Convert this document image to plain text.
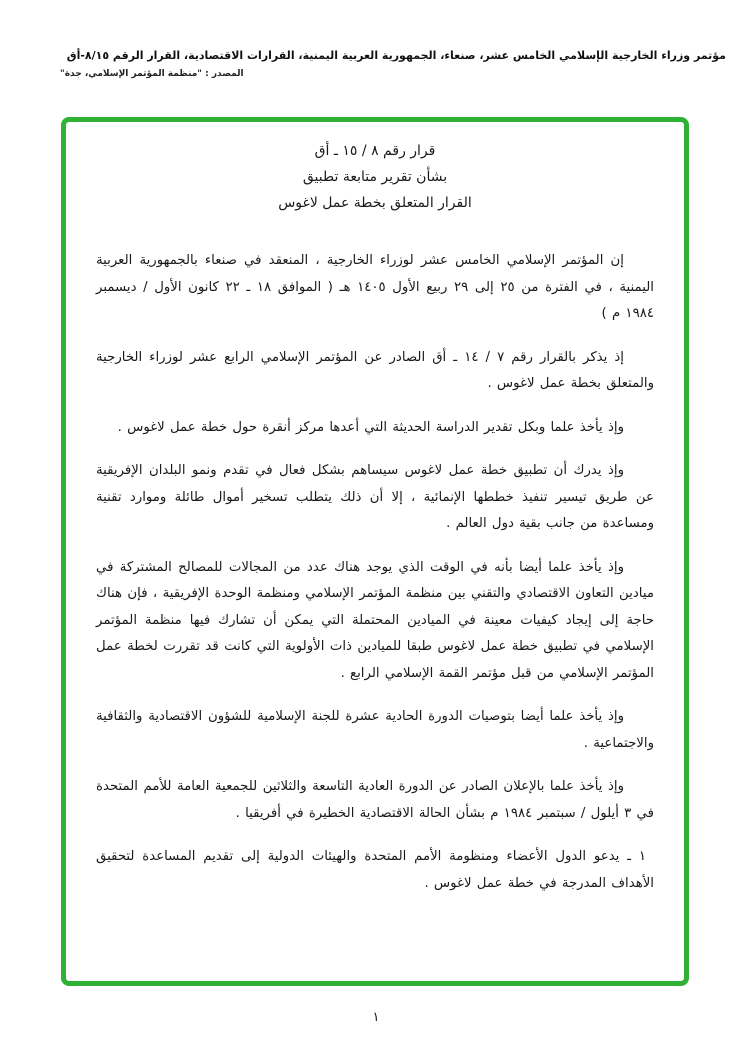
مؤتمر وزراء الخارجية الإسلامي الخامس عشر، صنعاء، الجمهورية العربية اليمنية، القرارات الاقتصادية، القرار الرقم ٨/١٥-أق
المصدر : "منظمة المؤتمر الإسلامي، جدة"
قرار رقم ٨ / ١٥ ـ أق
بشأن تقرير متابعة تطبيق
القرار المتعلق بخطة عمل لاغوس

إن المؤتمر الإسلامي الخامس عشر لوزراء الخارجية ، المنعقد في صنعاء بالجمهورية العربية اليمنية ، في الفترة من ٢٥ إلى ٢٩ ربيع الأول ١٤٠٥ هـ ( الموافق ١٨ ـ ٢٢ كانون الأول / ديسمبر ١٩٨٤ م )

إذ يذكر بالقرار رقم ٧ / ١٤ ـ أق الصادر عن المؤتمر الإسلامي الرابع عشر لوزراء الخارجية والمتعلق بخطة عمل لاغوس .

وإذ يأخذ علما وبكل تقدير الدراسة الحديثة التي أعدها مركز أنقرة حول خطة عمل لاغوس .

وإذ يدرك أن تطبيق خطة عمل لاغوس سيساهم بشكل فعال في تقدم ونمو البلدان الإفريقية عن طريق تيسير تنفيذ خططها الإنمائية ، إلا أن ذلك يتطلب تسخير أموال طائلة وموارد تقنية ومساعدة من جانب بقية دول العالم .

وإذ يأخذ علما أيضا بأنه في الوقت الذي يوجد هناك عدد من المجالات للمصالح المشتركة في ميادين التعاون الاقتصادي والتقني بين منظمة المؤتمر الإسلامي ومنظمة الوحدة الإفريقية ، فإن هناك حاجة إلى إيجاد كيفيات معينة في الميادين المحتملة التي يمكن أن تشارك فيها منظمة المؤتمر الإسلامي في تطبيق خطة عمل لاغوس طبقا للميادين ذات الأولوية التي كانت قد تقررت لخطة عمل المؤتمر الإسلامي من قبل مؤتمر القمة الإسلامي الرابع .

وإذ يأخذ علما أيضا بتوصيات الدورة الحادية عشرة للجنة الإسلامية للشؤون الاقتصادية والثقافية والاجتماعية .

وإذ يأخذ علما بالإعلان الصادر عن الدورة العادية التاسعة والثلاثين للجمعية العامة للأمم المتحدة في ٣ أيلول / سبتمبر ١٩٨٤ م بشأن الحالة الاقتصادية الخطيرة في أفريقيا .

١ ـ يدعو الدول الأعضاء ومنظومة الأمم المتحدة والهيئات الدولية إلى تقديم المساعدة لتحقيق الأهداف المدرجة في خطة عمل لاغوس .

١
